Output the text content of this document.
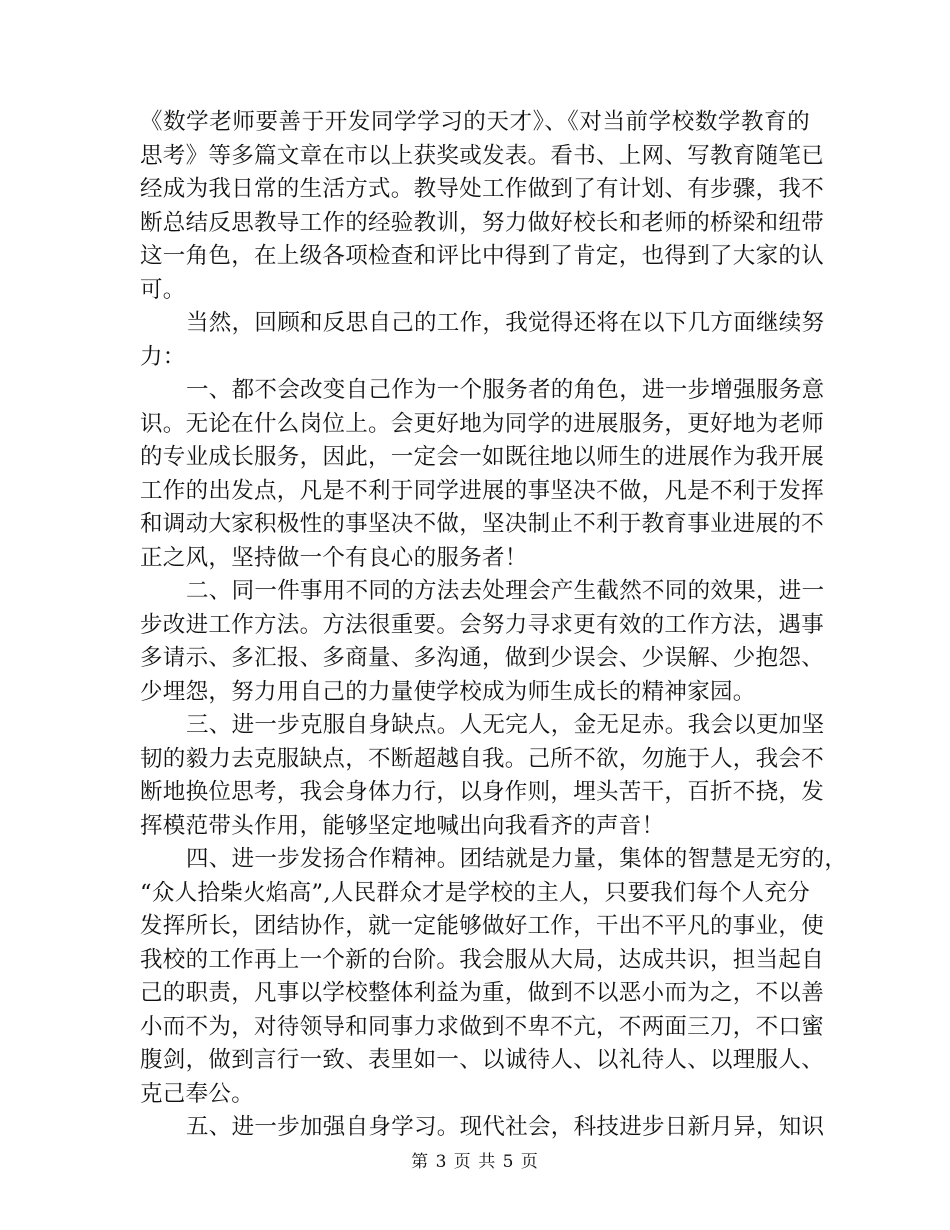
《数学老师要善于开发同学学习的天才》、《对当前学校数学教育的
思考》等多篇文章在市以上获奖或发表。看书、上网、写教育随笔已
经成为我日常的生活方式。教导处工作做到了有计划、有步骤，我不
断总结反思教导工作的经验教训，努力做好校长和老师的桥梁和纽带
这一角色，在上级各项检查和评比中得到了肯定，也得到了大家的认
可。
当然，回顾和反思自己的工作，我觉得还将在以下几方面继续努
力：
一、都不会改变自己作为一个服务者的角色，进一步增强服务意
识。无论在什么岗位上。会更好地为同学的进展服务，更好地为老师
的专业成长服务，因此，一定会一如既往地以师生的进展作为我开展
工作的出发点，凡是不利于同学进展的事坚决不做，凡是不利于发挥
和调动大家积极性的事坚决不做，坚决制止不利于教育事业进展的不
正之风，坚持做一个有良心的服务者！
二、同一件事用不同的方法去处理会产生截然不同的效果，进一
步改进工作方法。方法很重要。会努力寻求更有效的工作方法，遇事
多请示、多汇报、多商量、多沟通，做到少误会、少误解、少抱怨、
少埋怨，努力用自己的力量使学校成为师生成长的精神家园。
三、进一步克服自身缺点。人无完人，金无足赤。我会以更加坚
韧的毅力去克服缺点，不断超越自我。己所不欲，勿施于人，我会不
断地换位思考，我会身体力行，以身作则，埋头苦干，百折不挠，发
挥模范带头作用，能够坚定地喊出向我看齐的声音！
四、进一步发扬合作精神。团结就是力量，集体的智慧是无穷的，
“众人拾柴火焰高”,人民群众才是学校的主人，只要我们每个人充分
发挥所长，团结协作，就一定能够做好工作，干出不平凡的事业，使
我校的工作再上一个新的台阶。我会服从大局，达成共识，担当起自
己的职责，凡事以学校整体利益为重，做到不以恶小而为之，不以善
小而不为，对待领导和同事力求做到不卑不亢，不两面三刀，不口蜜
腹剑，做到言行一致、表里如一、以诚待人、以礼待人、以理服人、
克己奉公。
五、进一步加强自身学习。现代社会，科技进步日新月异，知识
第 3 页 共 5 页
